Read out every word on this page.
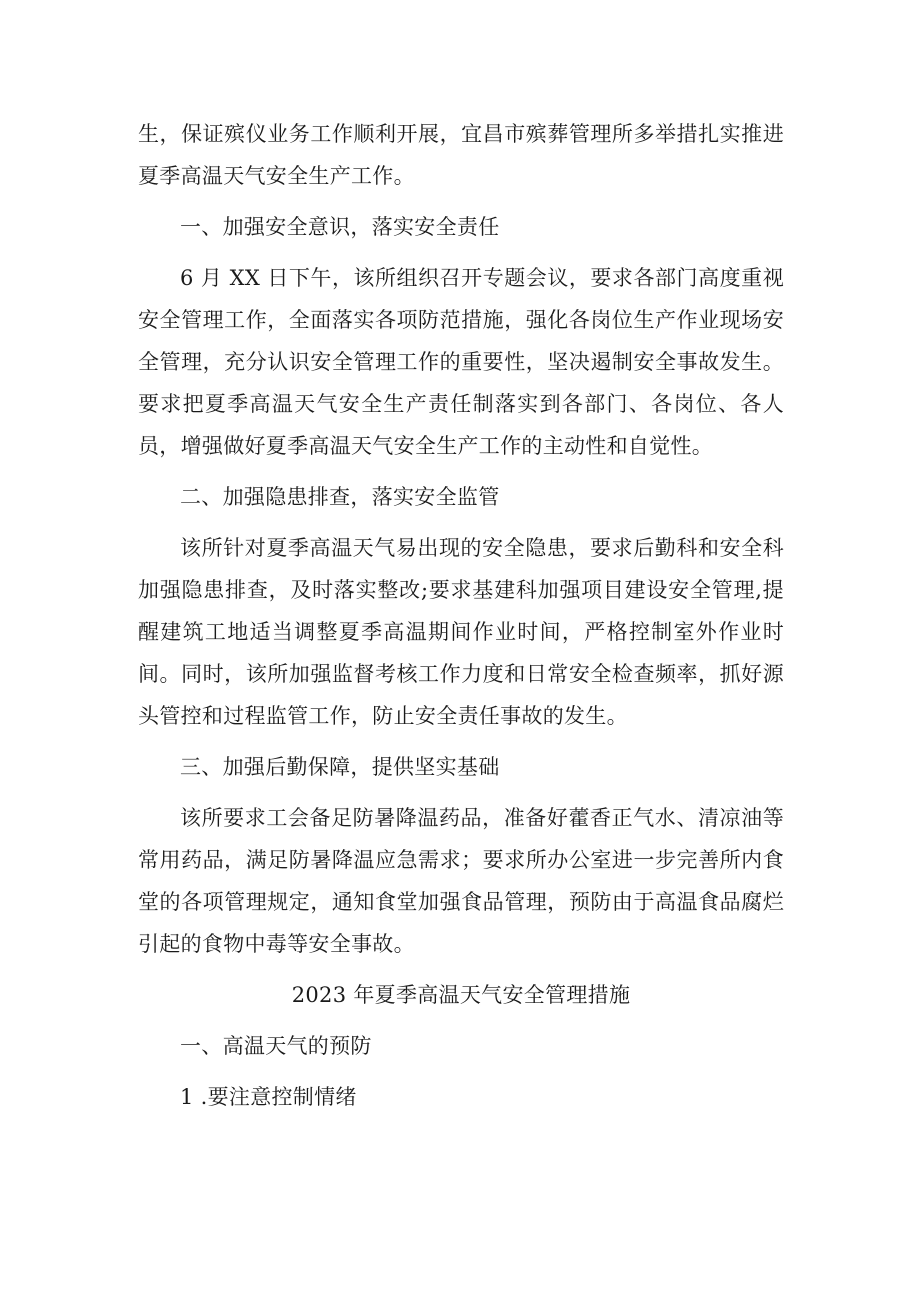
生，保证殡仪业务工作顺利开展，宜昌市殡葬管理所多举措扎实推进夏季高温天气安全生产工作。

一、加强安全意识，落实安全责任

6 月 XX 日下午，该所组织召开专题会议，要求各部门高度重视安全管理工作，全面落实各项防范措施，强化各岗位生产作业现场安全管理，充分认识安全管理工作的重要性，坚决遏制安全事故发生。要求把夏季高温天气安全生产责任制落实到各部门、各岗位、各人员，增强做好夏季高温天气安全生产工作的主动性和自觉性。

二、加强隐患排查，落实安全监管

该所针对夏季高温天气易出现的安全隐患，要求后勤科和安全科加强隐患排查，及时落实整改;要求基建科加强项目建设安全管理,提醒建筑工地适当调整夏季高温期间作业时间，严格控制室外作业时间。同时，该所加强监督考核工作力度和日常安全检查频率，抓好源头管控和过程监管工作，防止安全责任事故的发生。

三、加强后勤保障，提供坚实基础

该所要求工会备足防暑降温药品，准备好藿香正气水、清凉油等常用药品，满足防暑降温应急需求；要求所办公室进一步完善所内食堂的各项管理规定，通知食堂加强食品管理，预防由于高温食品腐烂引起的食物中毒等安全事故。

2023 年夏季高温天气安全管理措施

一、高温天气的预防

1 .要注意控制情绪
